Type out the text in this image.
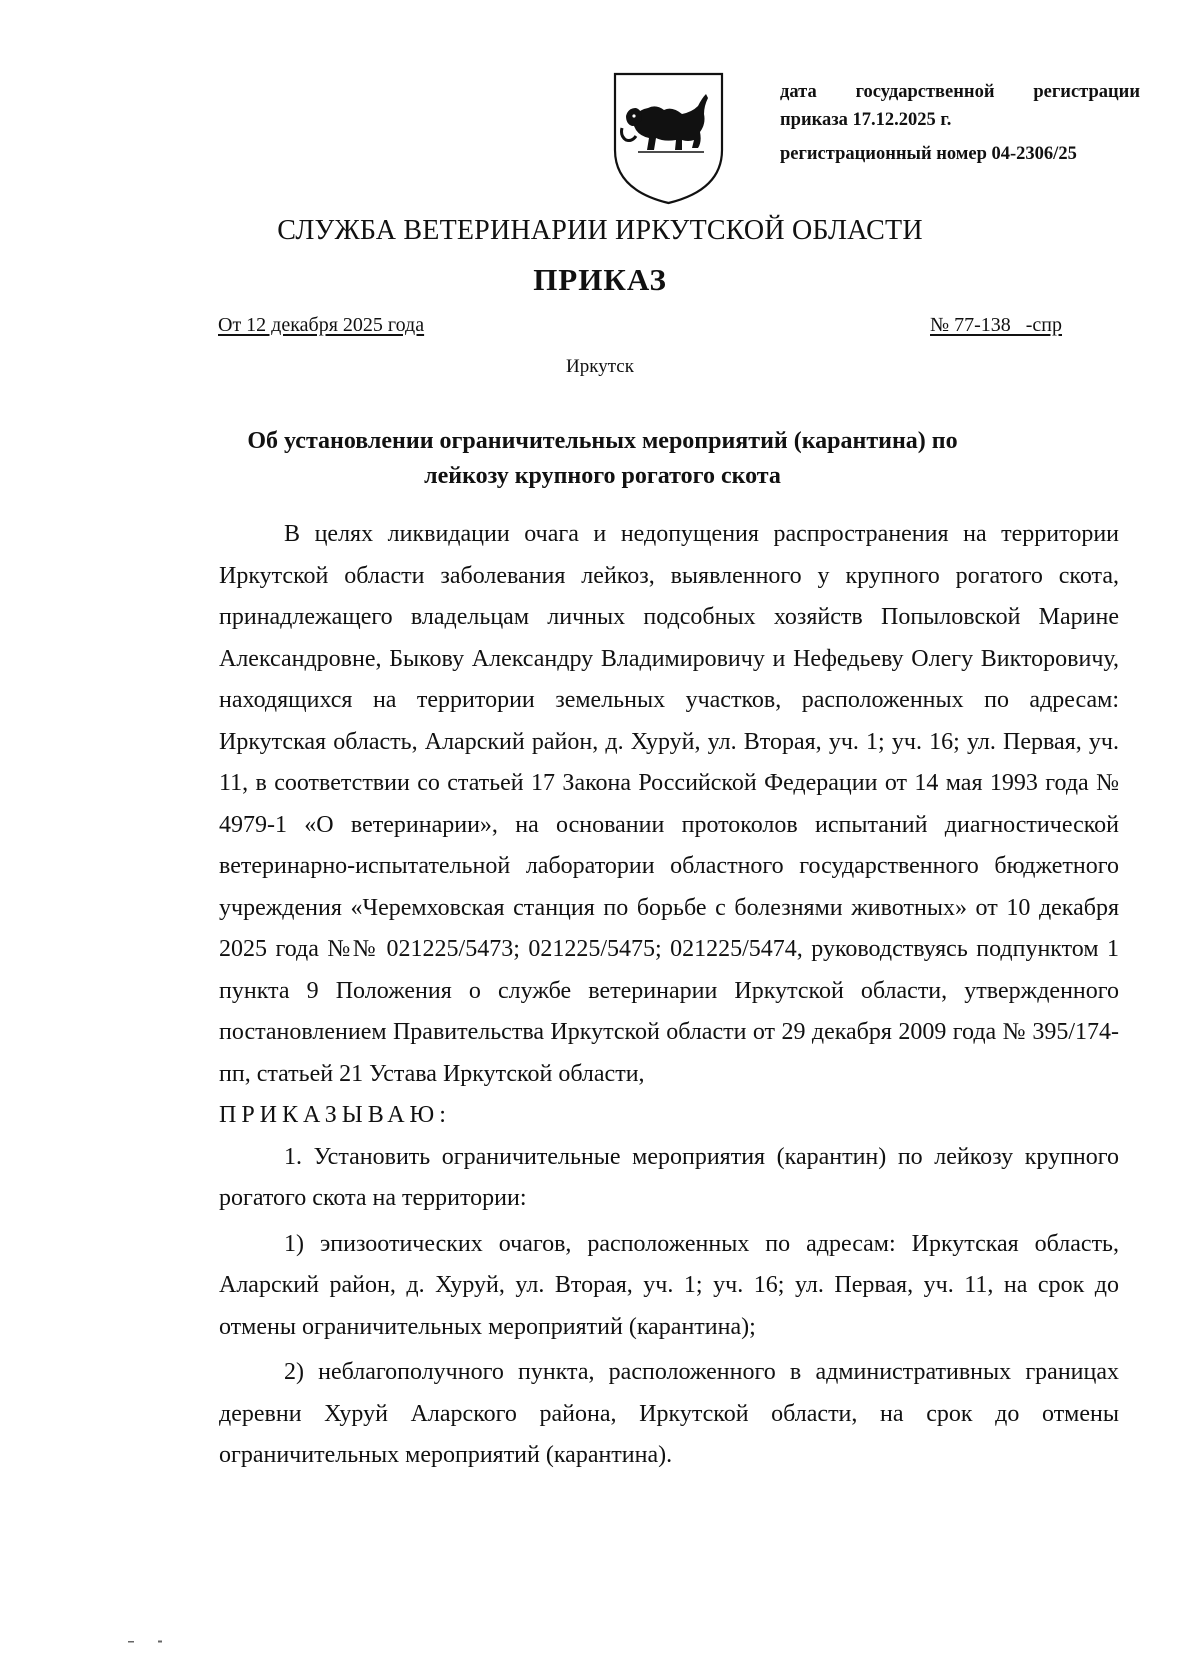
дата государственной регистрации
приказа 17.12.2025 г.
регистрационный номер 04-2306/25
СЛУЖБА ВЕТЕРИНАРИИ ИРКУТСКОЙ ОБЛАСТИ
ПРИКАЗ
От 12 декабря 2025 года	№ 77-138   -спр
Иркутск
Об установлении ограничительных мероприятий (карантина) по
лейкозу крупного рогатого скота

В целях ликвидации очага и недопущения распространения на территории Иркутской области заболевания лейкоз, выявленного у крупного рогатого скота, принадлежащего владельцам личных подсобных хозяйств Попыловской Марине Александровне, Быкову Александру Владимировичу и Нефедьеву Олегу Викторовичу, находящихся на территории земельных участков, расположенных по адресам: Иркутская область, Аларский район, д. Хуруй, ул. Вторая, уч. 1; уч. 16; ул. Первая, уч. 11, в соответствии со статьей 17 Закона Российской Федерации от 14 мая 1993 года № 4979-1 «О ветеринарии», на основании протоколов испытаний диагностической ветеринарно-испытательной лаборатории областного государственного бюджетного учреждения «Черемховская станция по борьбе с болезнями животных» от 10 декабря 2025 года №№ 021225/5473; 021225/5475; 021225/5474, руководствуясь подпунктом 1 пункта 9 Положения о службе ветеринарии Иркутской области, утвержденного постановлением Правительства Иркутской области от 29 декабря 2009 года № 395/174-пп, статьей 21 Устава Иркутской области,

ПРИКАЗЫВАЮ:

1. Установить ограничительные мероприятия (карантин) по лейкозу крупного рогатого скота на территории:

1) эпизоотических очагов, расположенных по адресам: Иркутская область, Аларский район, д. Хуруй, ул. Вторая, уч. 1; уч. 16; ул. Первая, уч. 11, на срок до отмены ограничительных мероприятий (карантина);

2) неблагополучного пункта, расположенного в административных границах деревни Хуруй Аларского района, Иркутской области, на срок до отмены ограничительных мероприятий (карантина).
